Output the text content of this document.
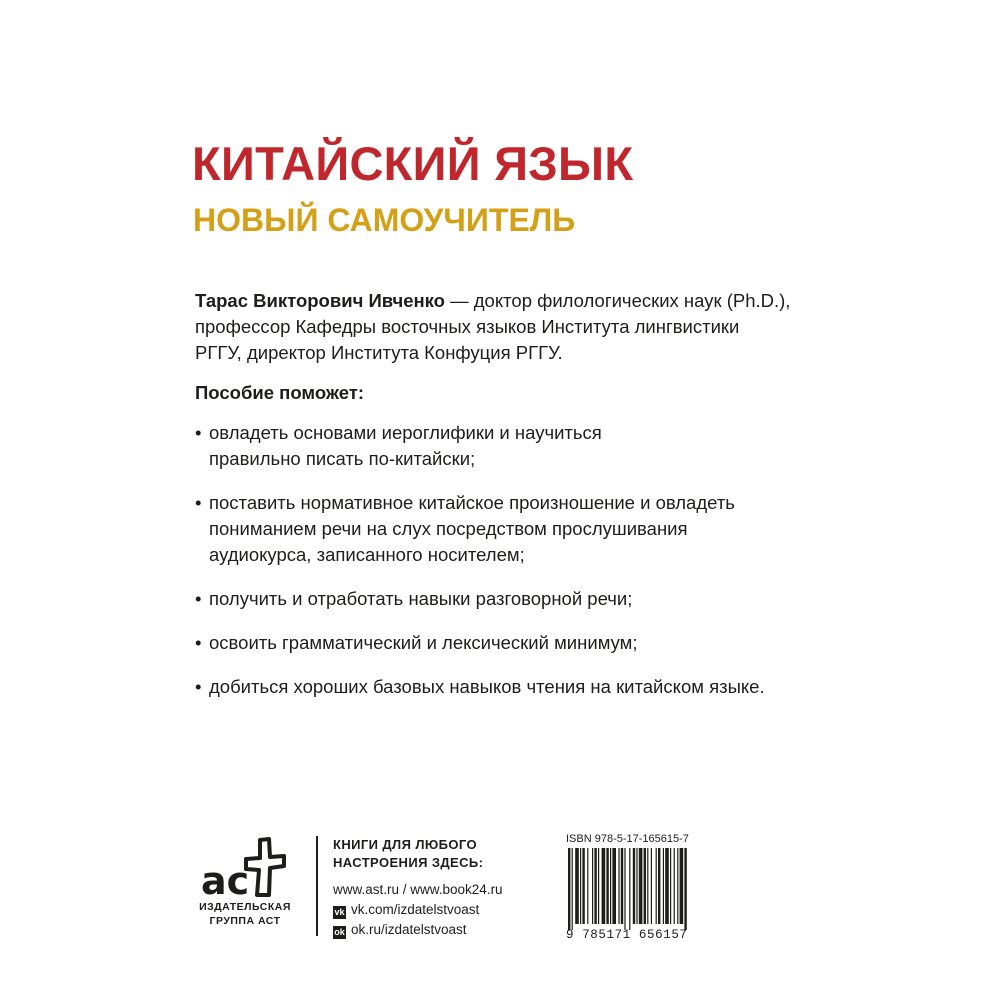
КИТАЙСКИЙ ЯЗЫК
НОВЫЙ САМОУЧИТЕЛЬ
Тарас Викторович Ивченко — доктор филологических наук (Ph.D.),
профессор Кафедры восточных языков Института лингвистики
РГГУ, директор Института Конфуция РГГУ.
Пособие поможет:
• овладеть основами иероглифики и научиться
правильно писать по-китайски;
• поставить нормативное китайское произношение и овладеть
пониманием речи на слух посредством прослушивания
аудиокурса, записанного носителем;
• получить и отработать навыки разговорной речи;
• освоить грамматический и лексический минимум;
• добиться хороших базовых навыков чтения на китайском языке.
ac
ИЗДАТЕЛЬСКАЯ
ГРУППА АСТ
КНИГИ ДЛЯ ЛЮБОГО
НАСТРОЕНИЯ ЗДЕСЬ:
www.ast.ru / www.book24.ru
vk vk.com/izdatelstvoast
ok ok.ru/izdatelstvoast
ISBN 978-5-17-165615-7
9 785171 656157
